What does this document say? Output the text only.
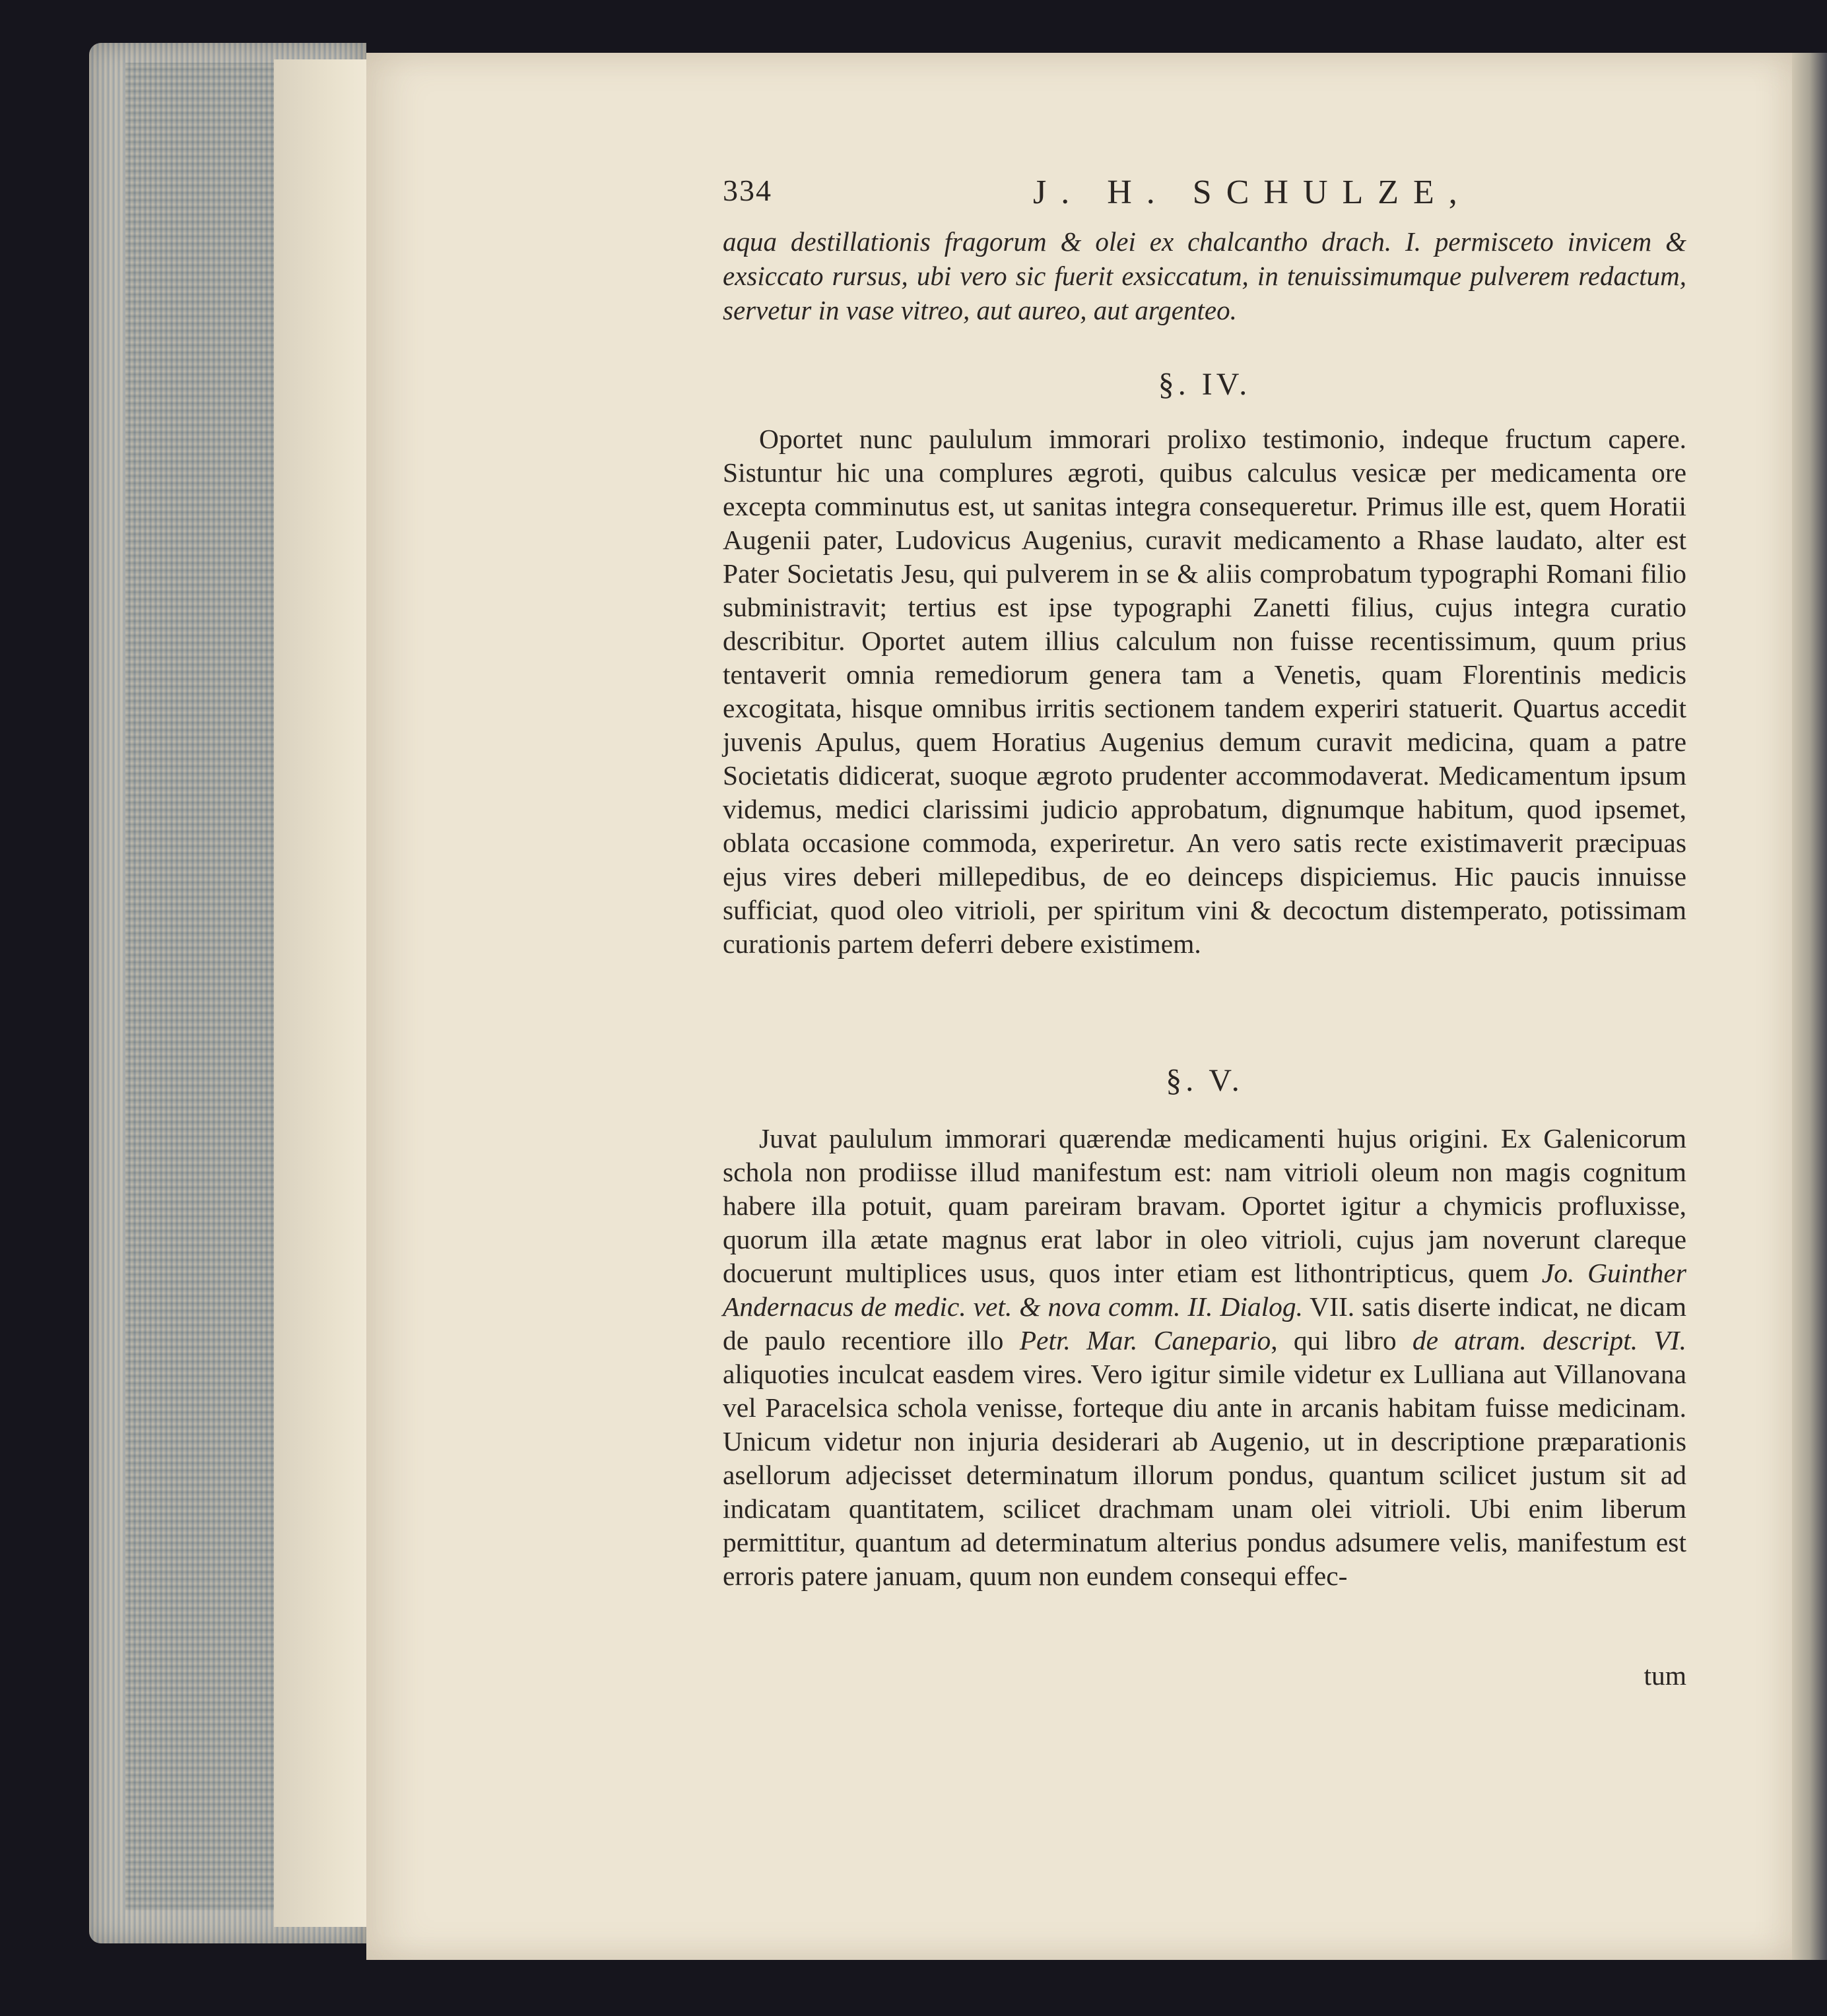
334	J. H. SCHULZE,
aqua destillationis fragorum & olei ex chalcantho drach. I. permisceto invicem & exsiccato rursus, ubi vero sic fuerit exsiccatum, in tenuissimumque pulverem redactum, servetur in vase vitreo, aut aureo, aut argenteo.
§. IV.

Oportet nunc paululum immorari prolixo testimonio, indeque fructum capere. Sistuntur hic una complures ægroti, quibus calculus vesicæ per medicamenta ore excepta comminutus est, ut sanitas integra consequeretur. Primus ille est, quem Horatii Augenii pater, Ludovicus Augenius, curavit medicamento a Rhase laudato, alter est Pater Societatis Jesu, qui pulverem in se & aliis comprobatum typographi Romani filio subministravit; tertius est ipse typographi Zanetti filius, cujus integra curatio describitur. Oportet autem illius calculum non fuisse recentissimum, quum prius tentaverit omnia remediorum genera tam a Venetis, quam Florentinis medicis excogitata, hisque omnibus irritis sectionem tandem experiri statuerit. Quartus accedit juvenis Apulus, quem Horatius Augenius demum curavit medicina, quam a patre Societatis didicerat, suoque ægroto prudenter accommodaverat. Medicamentum ipsum videmus, medici clarissimi judicio approbatum, dignumque habitum, quod ipsemet, oblata occasione commoda, experiretur. An vero satis recte existimaverit præcipuas ejus vires deberi millepedibus, de eo deinceps dispiciemus. Hic paucis innuisse sufficiat, quod oleo vitrioli, per spiritum vini & decoctum distemperato, potissimam curationis partem deferri debere existimem.

§. V.

Juvat paululum immorari quærendæ medicamenti hujus origini. Ex Galenicorum schola non prodiisse illud manifestum est: nam vitrioli oleum non magis cognitum habere illa potuit, quam pareiram bravam. Oportet igitur a chymicis profluxisse, quorum illa ætate magnus erat labor in oleo vitrioli, cujus jam noverunt clareque docuerunt multiplices usus, quos inter etiam est lithontripticus, quem Jo. Guinther Andernacus de medic. vet. & nova comm. II. Dialog. VII. satis diserte indicat, ne dicam de paulo recentiore illo Petr. Mar. Canepario, qui libro de atram. descript. VI. aliquoties inculcat easdem vires. Vero igitur simile videtur ex Lulliana aut Villanovana vel Paracelsica schola venisse, forteque diu ante in arcanis habitam fuisse medicinam. Unicum videtur non injuria desiderari ab Augenio, ut in descriptione præparationis asellorum adjecisset determinatum illorum pondus, quantum scilicet justum sit ad indicatam quantitatem, scilicet drachmam unam olei vitrioli. Ubi enim liberum permittitur, quantum ad determinatum alterius pondus adsumere velis, manifestum est erroris patere januam, quum non eundem consequi effec-

tum
